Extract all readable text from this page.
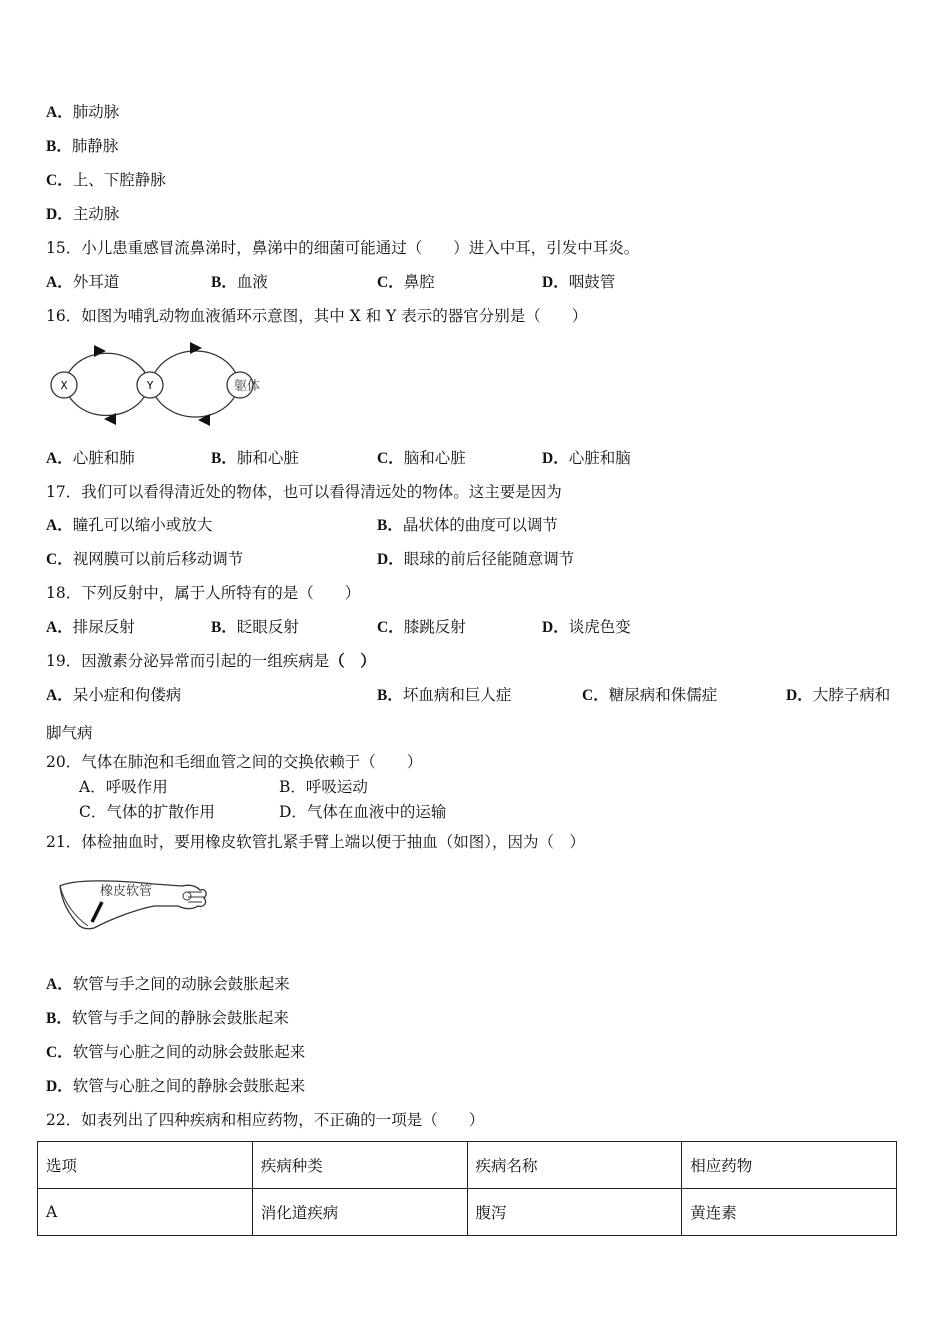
A．肺动脉
B．肺静脉
C．上、下腔静脉
D．主动脉
15．小儿患重感冒流鼻涕时，鼻涕中的细菌可能通过（　　）进入中耳，引发中耳炎。
A．外耳道	B．血液	C．鼻腔	D．咽鼓管
16．如图为哺乳动物血液循环示意图，其中 X 和 Y 表示的器官分别是（　　）
X	Y	躯体
A．心脏和肺	B．肺和心脏	C．脑和心脏	D．心脏和脑
17．我们可以看得清近处的物体，也可以看得清远处的物体。这主要是因为
A．瞳孔可以缩小或放大	B．晶状体的曲度可以调节
C．视网膜可以前后移动调节	D．眼球的前后径能随意调节
18．下列反射中，属于人所特有的是（　　）
A．排尿反射	B．眨眼反射	C．膝跳反射	D．谈虎色变
19．因激素分泌异常而引起的一组疾病是（　）
A．呆小症和佝偻病	B．坏血病和巨人症	C．糖尿病和侏儒症	D．大脖子病和
脚气病
20．气体在肺泡和毛细血管之间的交换依赖于（　　）
A．呼吸作用	B．呼吸运动
C．气体的扩散作用	D．气体在血液中的运输
21．体检抽血时，要用橡皮软管扎紧手臂上端以便于抽血（如图），因为（　）
橡皮软管
A．软管与手之间的动脉会鼓胀起来
B．软管与手之间的静脉会鼓胀起来
C．软管与心脏之间的动脉会鼓胀起来
D．软管与心脏之间的静脉会鼓胀起来
22．如表列出了四种疾病和相应药物，不正确的一项是（　　）
选项	疾病种类	疾病名称	相应药物
A	消化道疾病	腹泻	黄连素
